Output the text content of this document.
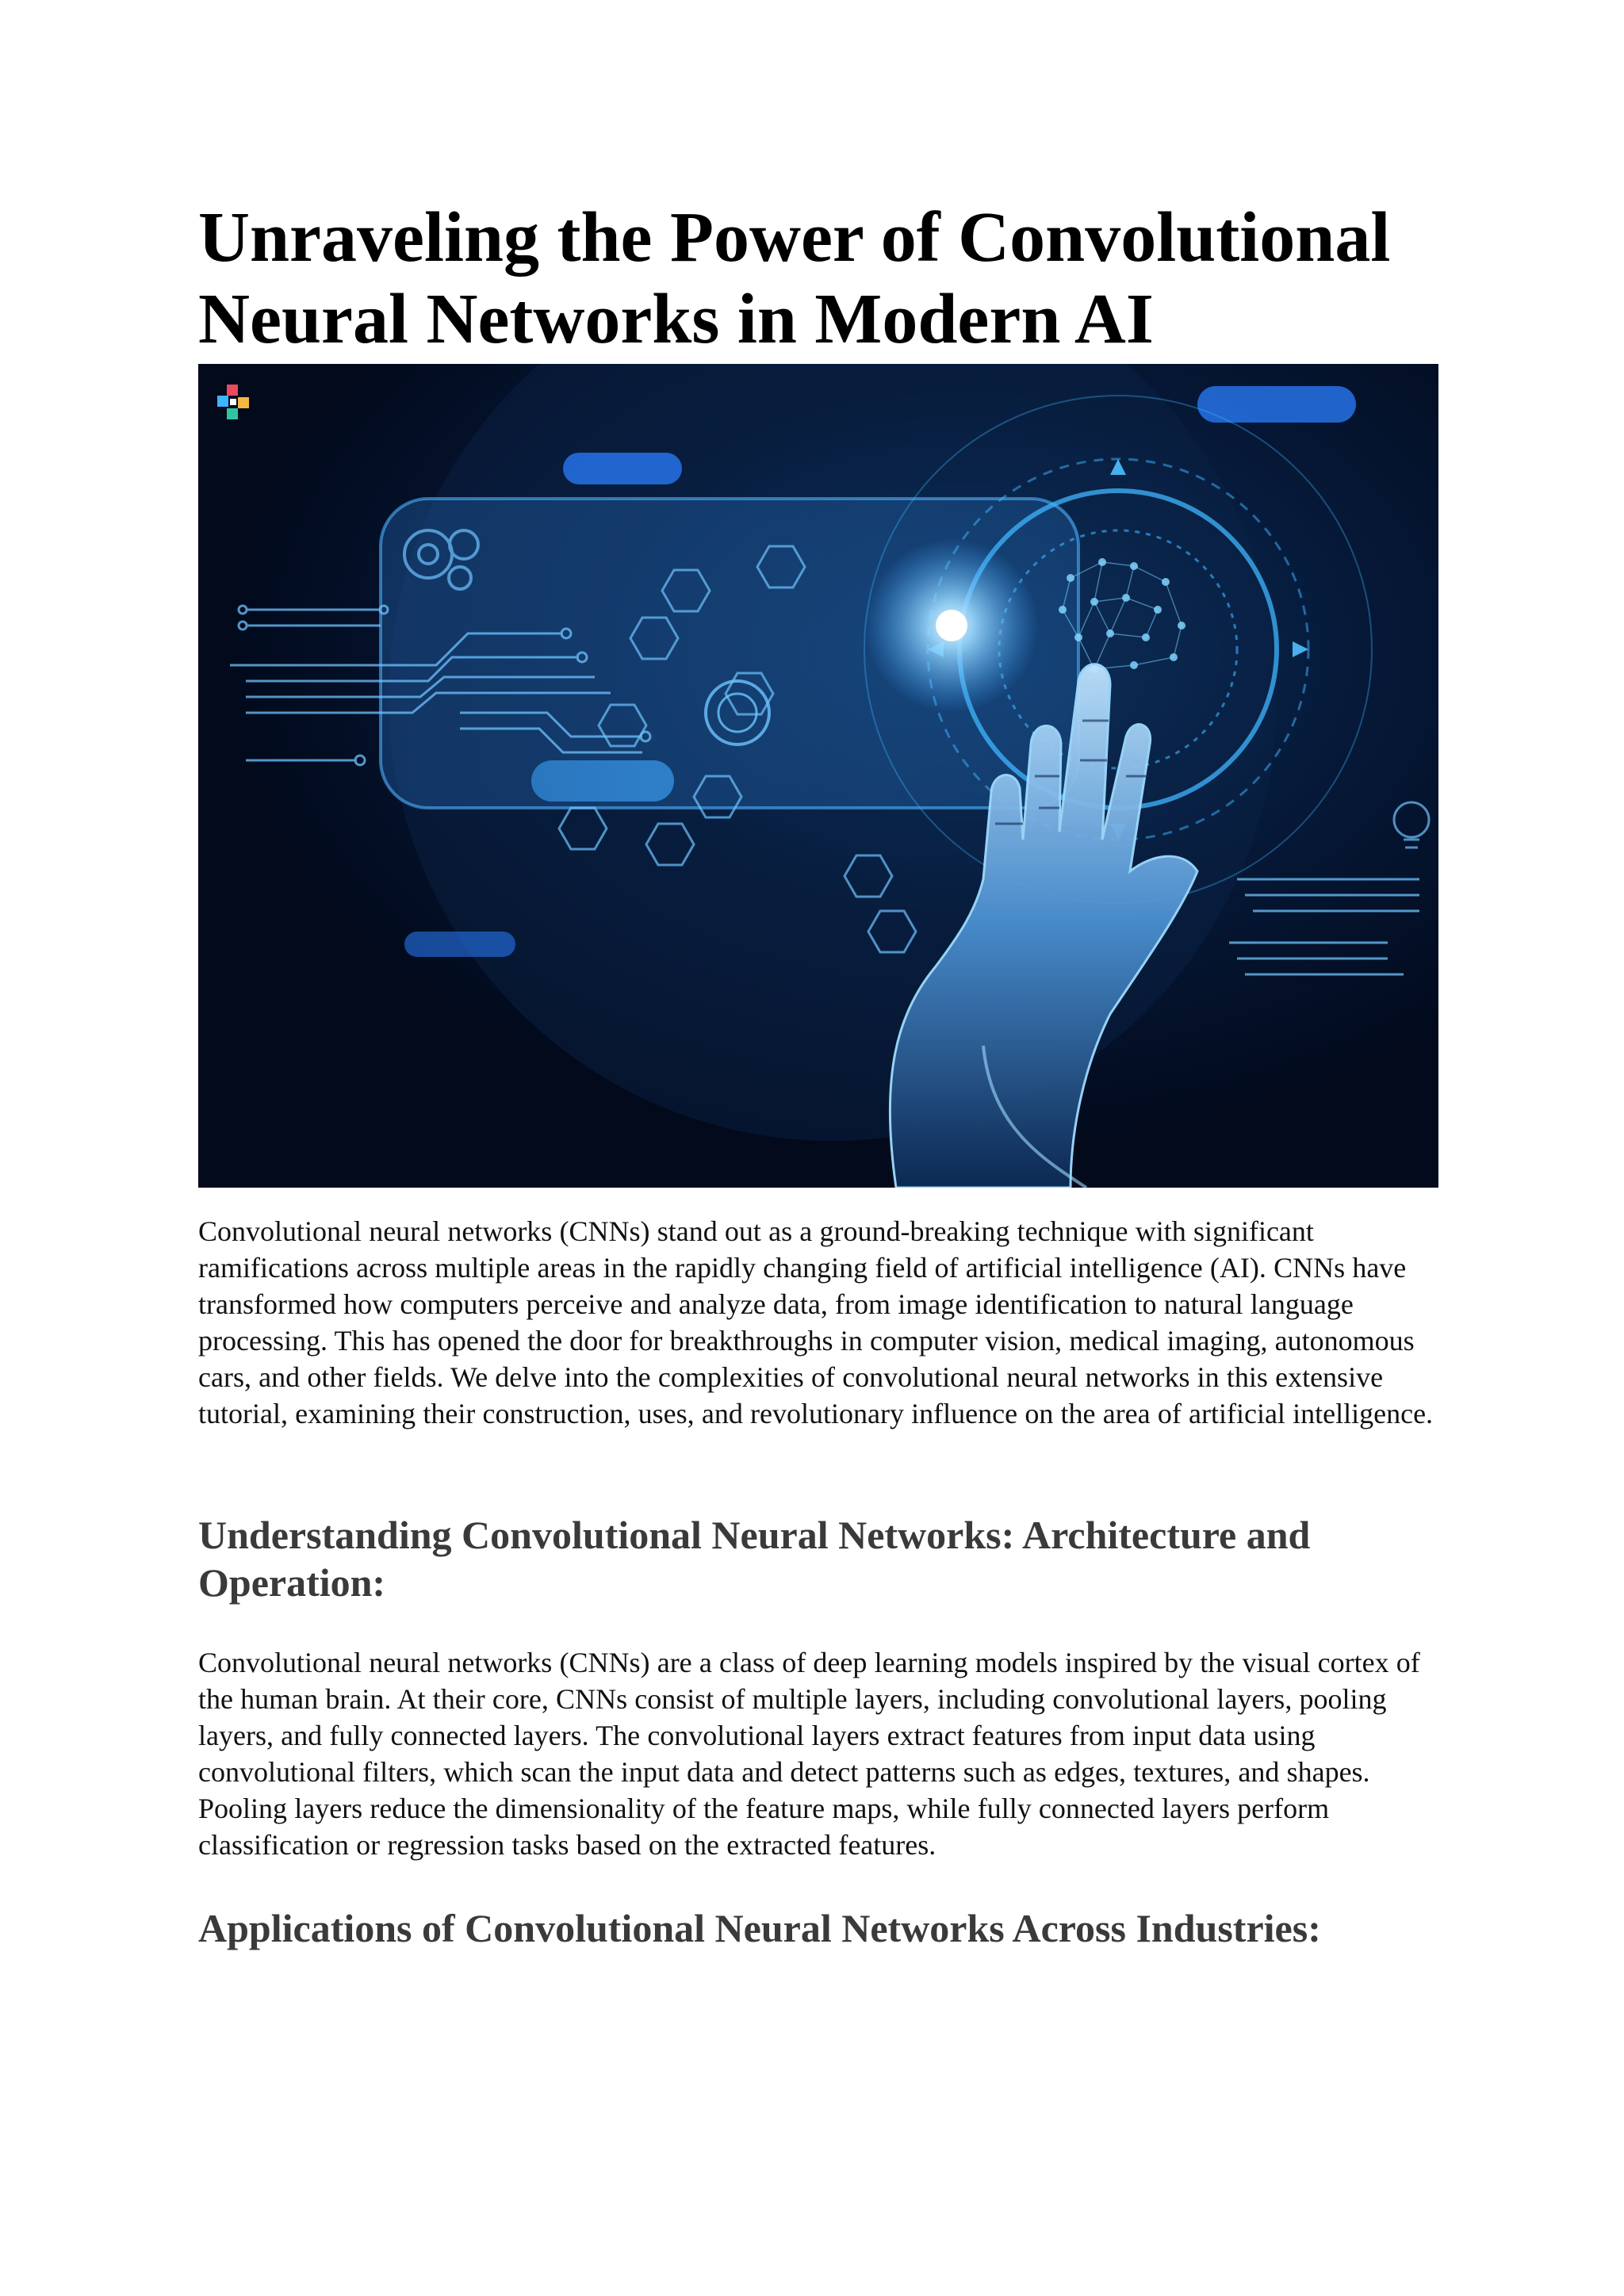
Unraveling the Power of Convolutional Neural Networks in Modern AI

Convolutional neural networks (CNNs) stand out as a ground-breaking technique with significant ramifications across multiple areas in the rapidly changing field of artificial intelligence (AI). CNNs have transformed how computers perceive and analyze data, from image identification to natural language processing. This has opened the door for breakthroughs in computer vision, medical imaging, autonomous cars, and other fields. We delve into the complexities of convolutional neural networks in this extensive tutorial, examining their construction, uses, and revolutionary influence on the area of artificial intelligence.

Understanding Convolutional Neural Networks: Architecture and Operation:

Convolutional neural networks (CNNs) are a class of deep learning models inspired by the visual cortex of the human brain. At their core, CNNs consist of multiple layers, including convolutional layers, pooling layers, and fully connected layers. The convolutional layers extract features from input data using convolutional filters, which scan the input data and detect patterns such as edges, textures, and shapes. Pooling layers reduce the dimensionality of the feature maps, while fully connected layers perform classification or regression tasks based on the extracted features.

Applications of Convolutional Neural Networks Across Industries:
